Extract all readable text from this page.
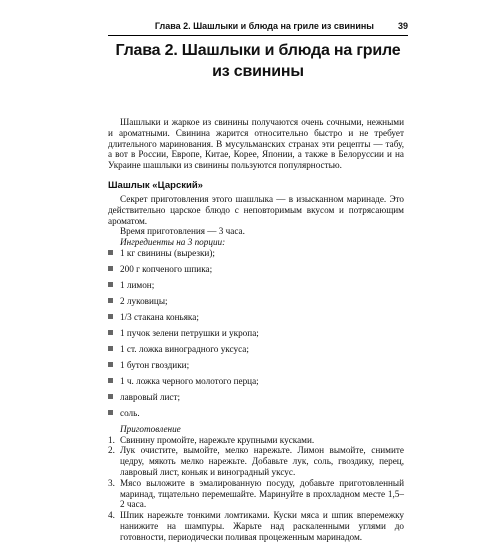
Глава 2. Шашлыки и блюда на гриле из свинины	39
Глава 2. Шашлыки и блюда на гриле из свинины

Шашлыки и жаркое из свинины получаются очень сочными, нежными и ароматными. Свинина жарится относительно быстро и не требует длительного маринования. В мусульманских странах эти рецепты — табу, а вот в России, Европе, Китае, Корее, Японии, а также в Белоруссии и на Украине шашлыки из свинины пользуются популярностью.

Шашлык «Царский»

Секрет приготовления этого шашлыка — в изысканном маринаде. Это действительно царское блюдо с неповторимым вкусом и потрясающим ароматом.

Время приготовления — 3 часа.

Ингредиенты на 3 порции:

1 кг свинины (вырезки);
200 г копченого шпика;
1 лимон;
2 луковицы;
1/3 стакана коньяка;
1 пучок зелени петрушки и укропа;
1 ст. ложка виноградного уксуса;
1 бутон гвоздики;
1 ч. ложка черного молотого перца;
лавровый лист;
соль.

Приготовление

1. Свинину промойте, нарежьте крупными кусками.
2. Лук очистите, вымойте, мелко нарежьте. Лимон вымойте, снимите цедру, мякоть мелко нарежьте. Добавьте лук, соль, гвоздику, перец, лавровый лист, коньяк и виноградный уксус.
3. Мясо выложите в эмалированную посуду, добавьте приготовленный маринад, тщательно перемешайте. Маринуйте в прохладном месте 1,5–2 часа.
4. Шпик нарежьте тонкими ломтиками. Куски мяса и шпик вперемежку нанижите на шампуры. Жарьте над раскаленными углями до готовности, периодически поливая процеженным маринадом.
